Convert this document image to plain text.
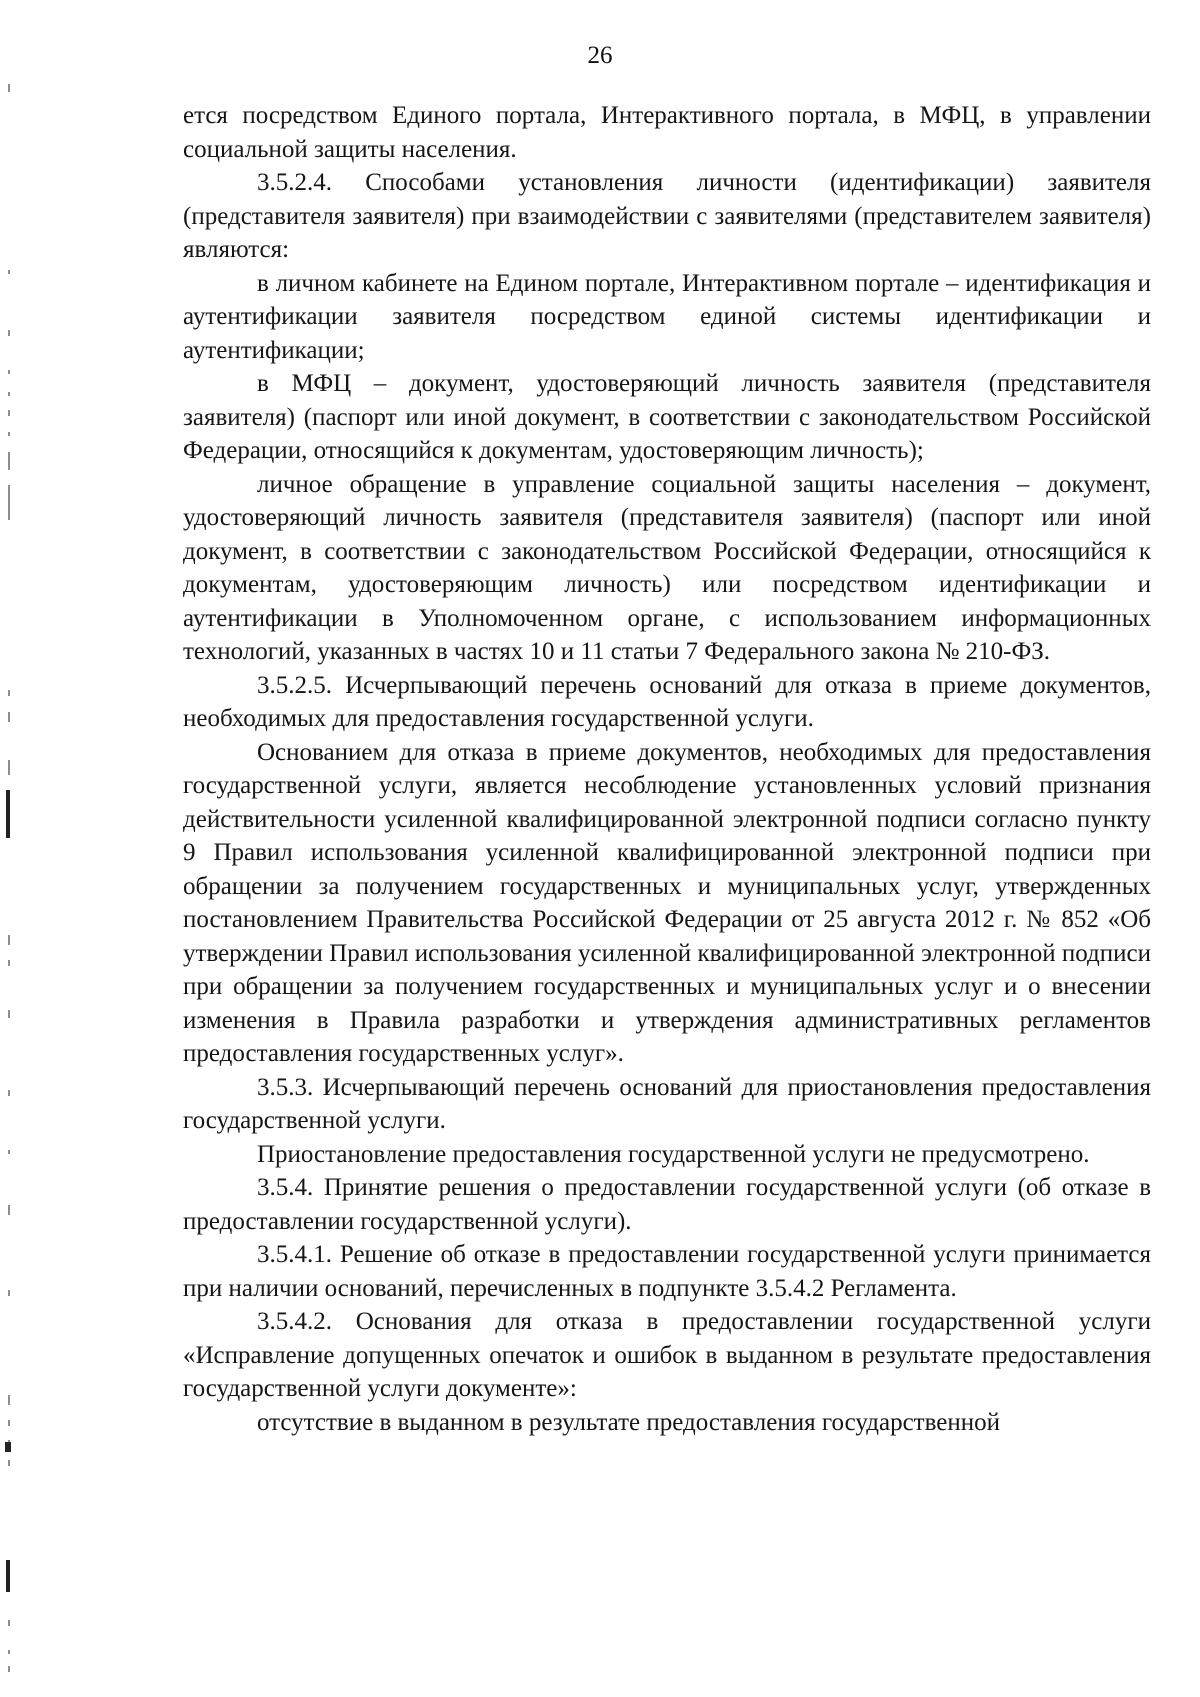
26

ется посредством Единого портала, Интерактивного портала, в МФЦ, в управлении социальной защиты населения.

3.5.2.4. Способами установления личности (идентификации) заявителя (представителя заявителя) при взаимодействии с заявителями (представителем заявителя) являются:

в личном кабинете на Едином портале, Интерактивном портале – идентификация и аутентификации заявителя посредством единой системы идентификации и аутентификации;

в МФЦ – документ, удостоверяющий личность заявителя (представителя заявителя) (паспорт или иной документ, в соответствии с законодательством Российской Федерации, относящийся к документам, удостоверяющим личность);

личное обращение в управление социальной защиты населения – документ, удостоверяющий личность заявителя (представителя заявителя) (паспорт или иной документ, в соответствии с законодательством Российской Федерации, относящийся к документам, удостоверяющим личность) или посредством идентификации и аутентификации в Уполномоченном органе, с использованием информационных технологий, указанных в частях 10 и 11 статьи 7 Федерального закона № 210-ФЗ.

3.5.2.5. Исчерпывающий перечень оснований для отказа в приеме документов, необходимых для предоставления государственной услуги.

Основанием для отказа в приеме документов, необходимых для предоставления государственной услуги, является несоблюдение установленных условий признания действительности усиленной квалифицированной электронной подписи согласно пункту 9 Правил использования усиленной квалифицированной электронной подписи при обращении за получением государственных и муниципальных услуг, утвержденных постановлением Правительства Российской Федерации от 25 августа 2012 г. № 852 «Об утверждении Правил использования усиленной квалифицированной электронной подписи при обращении за получением государственных и муниципальных услуг и о внесении изменения в Правила разработки и утверждения административных регламентов предоставления государственных услуг».

3.5.3. Исчерпывающий перечень оснований для приостановления предоставления государственной услуги.

Приостановление предоставления государственной услуги не предусмотрено.

3.5.4. Принятие решения о предоставлении государственной услуги (об отказе в предоставлении государственной услуги).

3.5.4.1. Решение об отказе в предоставлении государственной услуги принимается при наличии оснований, перечисленных в подпункте 3.5.4.2 Регламента.

3.5.4.2. Основания для отказа в предоставлении государственной услуги «Исправление допущенных опечаток и ошибок в выданном в результате предоставления государственной услуги документе»:

отсутствие в выданном в результате предоставления государственной
